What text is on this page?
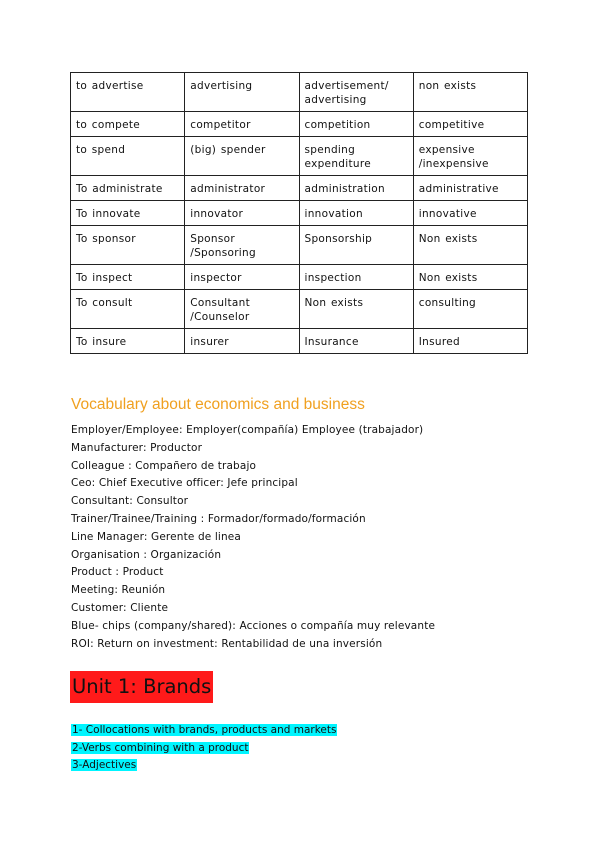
to advertise	advertising	advertisement/ advertising	non exists
to compete	competitor	competition	competitive
to spend	(big) spender	spending expenditure	expensive /inexpensive
To administrate	administrator	administration	administrative
To innovate	innovator	innovation	innovative
To sponsor	Sponsor /Sponsoring	Sponsorship	Non exists
To inspect	inspector	inspection	Non exists
To consult	Consultant /Counselor	Non exists	consulting
To insure	insurer	Insurance	Insured
Vocabulary about economics and business
Employer/Employee: Employer(compañía) Employee (trabajador)
Manufacturer: Productor
Colleague : Compañero de trabajo
Ceo: Chief Executive officer: Jefe principal
Consultant: Consultor
Trainer/Trainee/Training : Formador/formado/formación
Line Manager: Gerente de linea
Organisation : Organización
Product : Product
Meeting: Reunión
Customer: Cliente
Blue- chips (company/shared): Acciones o compañía muy relevante
ROI: Return on investment: Rentabilidad de una inversión
Unit 1: Brands
1- Collocations with brands, products and markets
2-Verbs combining with a product
3-Adjectives
